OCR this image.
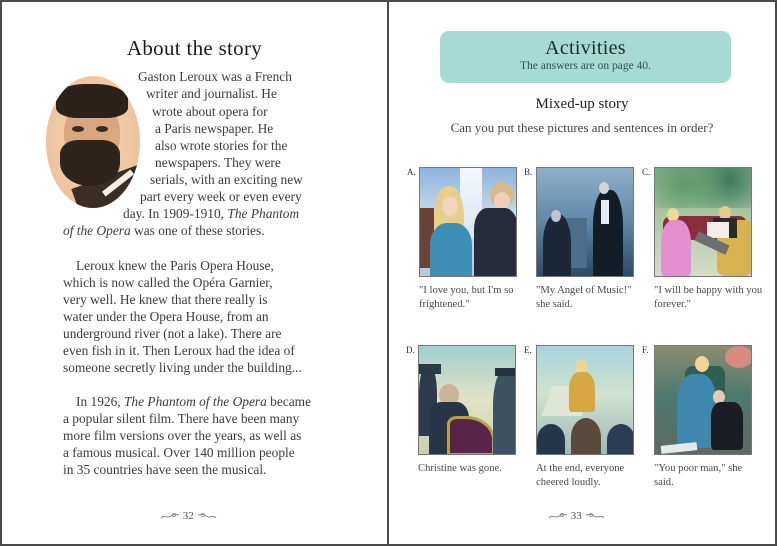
About the story
Gaston Leroux was a French
writer and journalist. He
wrote about opera for
a Paris newspaper. He
also wrote stories for the
newspapers. They were
serials, with an exciting new
part every week or even every
day. In 1909-1910, The Phantom
of the Opera was one of these stories.
Leroux knew the Paris Opera House,
which is now called the Opéra Garnier,
very well. He knew that there really is
water under the Opera House, from an
underground river (not a lake). There are
even fish in it. Then Leroux had the idea of
someone secretly living under the building...
In 1926, The Phantom of the Opera became
a popular silent film. There have been many
more film versions over the years, as well as
a famous musical. Over 140 million people
in 35 countries have seen the musical.
32
Activities
The answers are on page 40.
Mixed-up story
Can you put these pictures and sentences in order?
A.
"I love you, but I'm so frightened."
B.
"My Angel of Music!" she said.
C.
"I will be happy with you forever."
D.
Christine was gone.
E.
At the end, everyone cheered loudly.
F.
"You poor man," she said.
33
